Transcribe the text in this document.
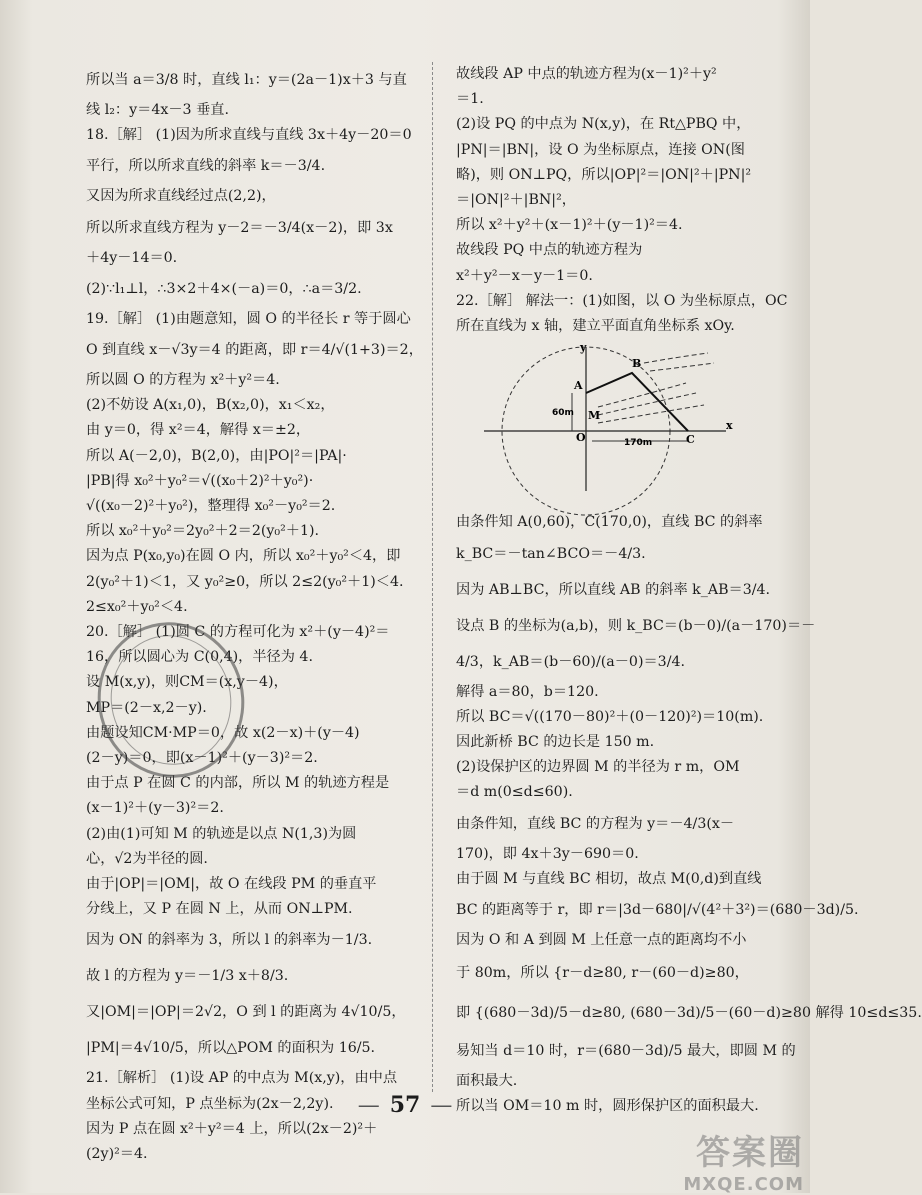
所以当 a＝3/8 时，直线 l₁：y＝(2a－1)x＋3 与直

线 l₂：y＝4x－3 垂直.

18.［解］ (1)因为所求直线与直线 3x＋4y－20＝0

平行，所以所求直线的斜率 k＝－3/4.

又因为所求直线经过点(2,2)，

所以所求直线方程为 y－2＝－3/4(x－2)，即 3x

＋4y－14＝0.

(2)∵l₁⊥l，∴3×2＋4×(－a)＝0，∴a＝3/2.

19.［解］ (1)由题意知，圆 O 的半径长 r 等于圆心

O 到直线 x－√3y＝4 的距离，即 r＝4/√(1+3)＝2，

所以圆 O 的方程为 x²＋y²＝4.

(2)不妨设 A(x₁,0)，B(x₂,0)，x₁＜x₂，

由 y＝0，得 x²＝4，解得 x＝±2，

所以 A(－2,0)，B(2,0)，由|PO|²＝|PA|·

|PB|得 x₀²＋y₀²＝√((x₀＋2)²＋y₀²)·

√((x₀－2)²＋y₀²)，整理得 x₀²－y₀²＝2.

所以 x₀²＋y₀²＝2y₀²＋2＝2(y₀²＋1).

因为点 P(x₀,y₀)在圆 O 内，所以 x₀²＋y₀²＜4，即

2(y₀²＋1)＜1，又 y₀²≥0，所以 2≤2(y₀²＋1)＜4.

2≤x₀²＋y₀²＜4.

20.［解］ (1)圆 C 的方程可化为 x²＋(y－4)²＝

16，所以圆心为 C(0,4)，半径为 4.

设 M(x,y)，则CM＝(x,y－4)，

MP＝(2－x,2－y).

由题设知CM·MP＝0，故 x(2－x)＋(y－4)

(2－y)＝0，即(x－1)²＋(y－3)²＝2.

由于点 P 在圆 C 的内部，所以 M 的轨迹方程是

(x－1)²＋(y－3)²＝2.

(2)由(1)可知 M 的轨迹是以点 N(1,3)为圆

心，√2为半径的圆.

由于|OP|＝|OM|，故 O 在线段 PM 的垂直平

分线上，又 P 在圆 N 上，从而 ON⊥PM.

因为 ON 的斜率为 3，所以 l 的斜率为－1/3.

故 l 的方程为 y＝－1/3 x＋8/3.

又|OM|＝|OP|＝2√2，O 到 l 的距离为 4√10/5，

|PM|＝4√10/5，所以△POM 的面积为 16/5.

21.［解析］ (1)设 AP 的中点为 M(x,y)，由中点

坐标公式可知，P 点坐标为(2x－2,2y).

因为 P 点在圆 x²＋y²＝4 上，所以(2x－2)²＋

(2y)²＝4.

故线段 AP 中点的轨迹方程为(x－1)²＋y²

＝1.

(2)设 PQ 的中点为 N(x,y)，在 Rt△PBQ 中，

|PN|＝|BN|，设 O 为坐标原点，连接 ON(图

略)，则 ON⊥PQ，所以|OP|²＝|ON|²＋|PN|²

＝|ON|²＋|BN|²，

所以 x²＋y²＋(x－1)²＋(y－1)²＝4.

故线段 PQ 中点的轨迹方程为

x²＋y²－x－y－1＝0.

22.［解］ 解法一：(1)如图，以 O 为坐标原点，OC

所在直线为 x 轴，建立平面直角坐标系 xOy.

y
x
A
B
M
O	C
60m
170m

由条件知 A(0,60)，C(170,0)，直线 BC 的斜率

k_BC＝－tan∠BCO＝－4/3.

因为 AB⊥BC，所以直线 AB 的斜率 k_AB＝3/4.

设点 B 的坐标为(a,b)，则 k_BC＝(b－0)/(a－170)＝－

4/3，k_AB＝(b－60)/(a－0)＝3/4.

解得 a＝80，b＝120.

所以 BC＝√((170－80)²＋(0－120)²)＝10(m).

因此新桥 BC 的边长是 150 m.

(2)设保护区的边界圆 M 的半径为 r m，OM

＝d m(0≤d≤60).

由条件知，直线 BC 的方程为 y＝－4/3(x－

170)，即 4x＋3y－690＝0.

由于圆 M 与直线 BC 相切，故点 M(0,d)到直线

BC 的距离等于 r，即 r＝|3d－680|/√(4²＋3²)＝(680－3d)/5.

因为 O 和 A 到圆 M 上任意一点的距离均不小

于 80m，所以 {r－d≥80, r－(60－d)≥80，

即 {(680－3d)/5－d≥80, (680－3d)/5－(60－d)≥80 解得 10≤d≤35.

易知当 d＝10 时，r＝(680－3d)/5 最大，即圆 M 的

面积最大.

所以当 OM＝10 m 时，圆形保护区的面积最大.

— 57 —
答案圈
MXQE.COM
